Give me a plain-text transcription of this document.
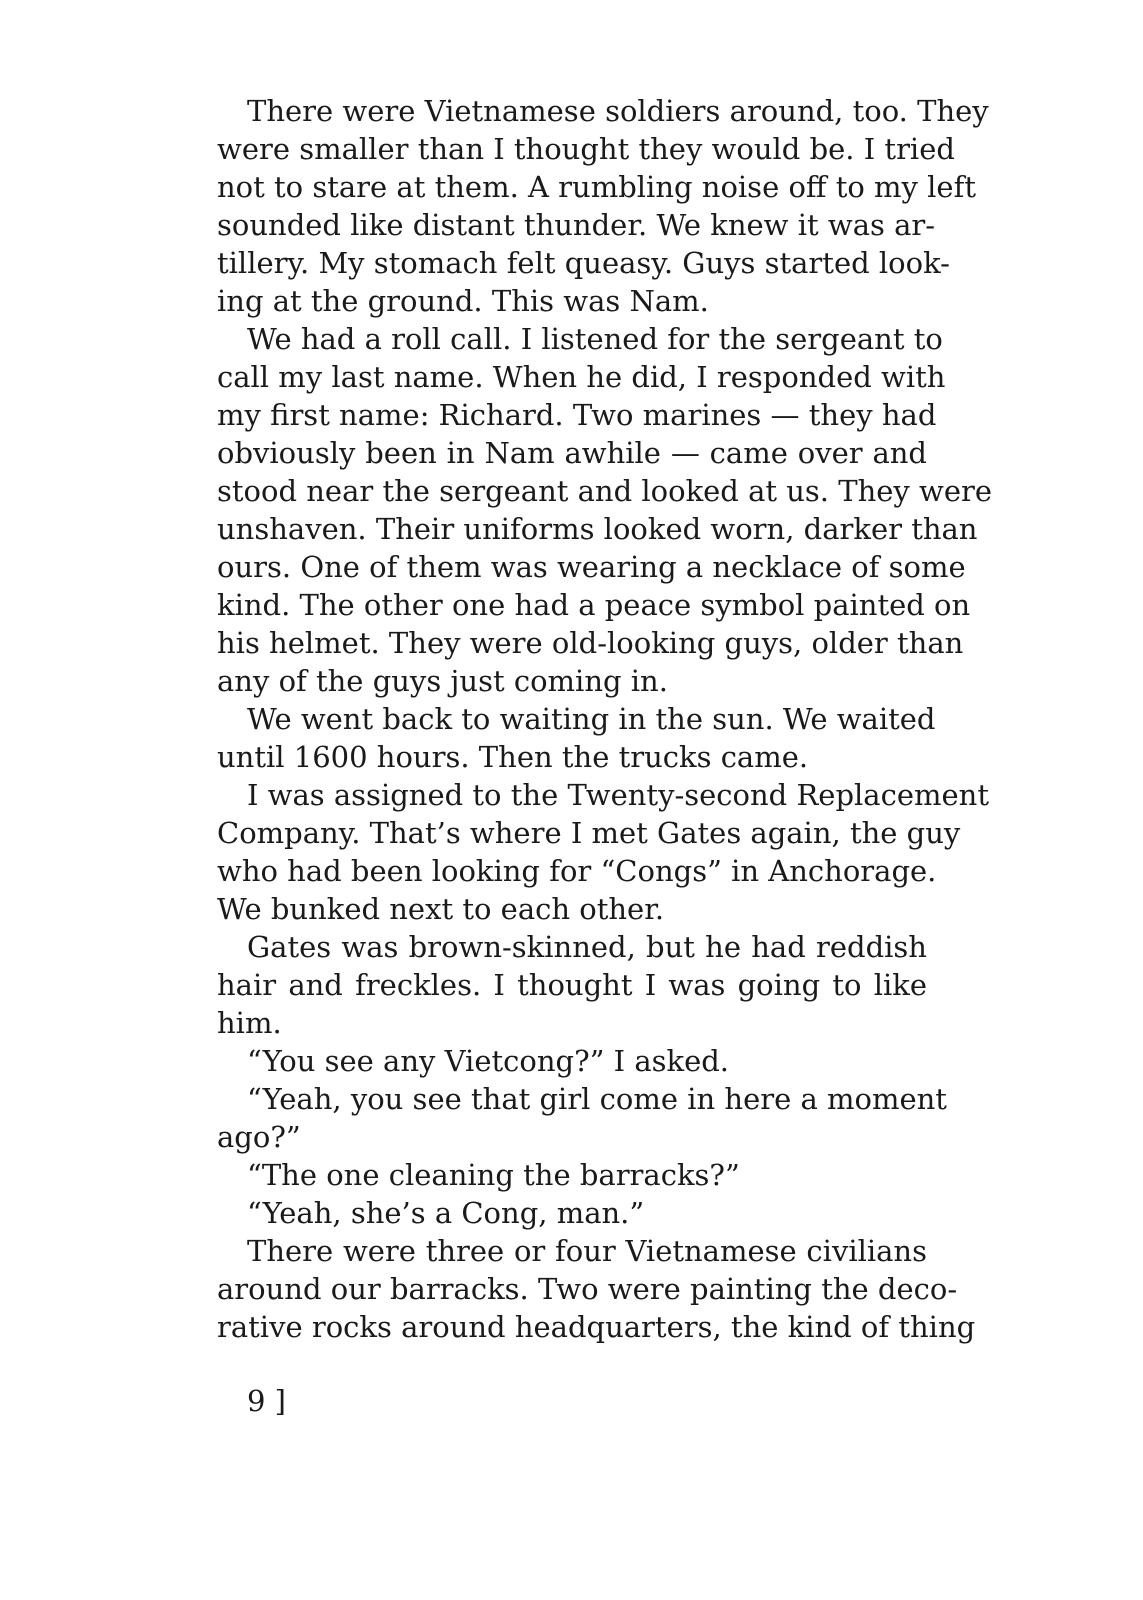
There were Vietnamese soldiers around, too. They
were smaller than I thought they would be. I tried
not to stare at them. A rumbling noise off to my left
sounded like distant thunder. We knew it was ar-
tillery. My stomach felt queasy. Guys started look-
ing at the ground. This was Nam.
We had a roll call. I listened for the sergeant to
call my last name. When he did, I responded with
my first name: Richard. Two marines — they had
obviously been in Nam awhile — came over and
stood near the sergeant and looked at us. They were
unshaven. Their uniforms looked worn, darker than
ours. One of them was wearing a necklace of some
kind. The other one had a peace symbol painted on
his helmet. They were old-looking guys, older than
any of the guys just coming in.
We went back to waiting in the sun. We waited
until 1600 hours. Then the trucks came.
I was assigned to the Twenty-second Replacement
Company. That’s where I met Gates again, the guy
who had been looking for “Congs” in Anchorage.
We bunked next to each other.
Gates was brown-skinned, but he had reddish
hair and freckles. I thought I was going to like
him.
“You see any Vietcong?” I asked.
“Yeah, you see that girl come in here a moment
ago?”
“The one cleaning the barracks?”
“Yeah, she’s a Cong, man.”
There were three or four Vietnamese civilians
around our barracks. Two were painting the deco-
rative rocks around headquarters, the kind of thing
9 ]
